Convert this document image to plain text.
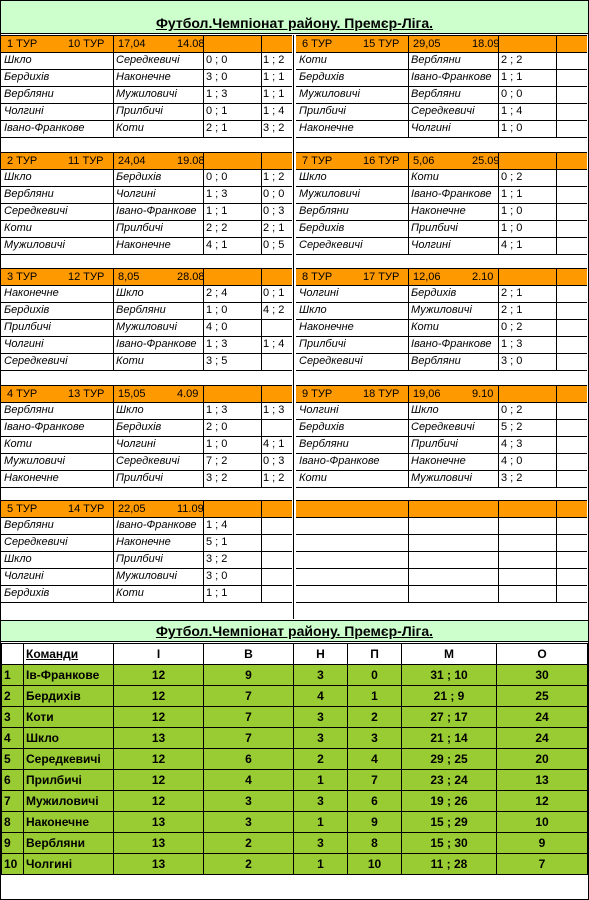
Футбол.Чемпіонат району. Премєр-Ліга.
1 ТУР	10 ТУР 17,04	14.08
Шкло	Середкевичі 0 ; 0	1 ; 2
Бердихів	Наконечне	3 ; 0	1 ; 1
Вербляни	Мужиловичі	1 ; 3	1 ; 1
Чолгині	Прилбичі	0 ; 1	1 ; 4
Івано-Франкове	Коти	2 ; 1	3 ; 2
6 ТУР	15 ТУР 29,05	18.09
Коти	Вербляни	2 ; 2
Бердихів	Івано-Франкове 1 ; 1
Мужиловичі	Вербляни	0 ; 0
Прилбичі	Середкевичі 1 ; 4
Наконечне	Чолгині	1 ; 0
2 ТУР	11 ТУР 24,04	19.08
Шкло	Бердихів	0 ; 0	1 ; 2
Вербляни	Чолгині	1 ; 3	0 ; 0
Середкевичі	Івано-Франкове 1 ; 1	0 ; 3
Коти	Прилбичі	2 ; 2	2 ; 1
Мужиловичі	Наконечне	4 ; 1	0 ; 5
7 ТУР	16 ТУР 5,06	25.09
Шкло	Коти	0 ; 2
Мужиловичі	Івано-Франкове 1 ; 1
Вербляни	Наконечне	1 ; 0
Бердихів	Прилбичі	1 ; 0
Середкевичі	Чолгині	4 ; 1
3 ТУР	12 ТУР 8,05	28.08
Наконечне	Шкло	2 ; 4	0 ; 1
Бердихів	Вербляни	1 ; 0	4 ; 2
Прилбичі	Мужиловичі	4 ; 0
Чолгині	Івано-Франкове 1 ; 3	1 ; 4
Середкевичі	Коти	3 ; 5
8 ТУР	17 ТУР 12,06	2.10
Чолгині	Бердихів	2 ; 1
Шкло	Мужиловичі	2 ; 1
Наконечне	Коти	0 ; 2
Прилбичі	Івано-Франкове 1 ; 3
Середкевичі	Вербляни	3 ; 0
4 ТУР	13 ТУР 15,05	4.09
Вербляни	Шкло	1 ; 3	1 ; 3
Івано-Франкове	Бердихів	2 ; 0
Коти	Чолгині	1 ; 0	4 ; 1
Мужиловичі	Середкевичі 7 ; 2	0 ; 3
Наконечне	Прилбичі	3 ; 2	1 ; 2
9 ТУР	18 ТУР 19,06	9.10
Чолгині	Шкло	0 ; 2
Бердихів	Середкевичі 5 ; 2
Вербляни	Прилбичі	4 ; 3
Івано-Франкове	Наконечне	4 ; 0
Коти	Мужиловичі	3 ; 2
5 ТУР	14 ТУР 22,05	11.09
Вербляни	Івано-Франкове 1 ; 4
Середкевичі	Наконечне	5 ; 1
Шкло	Прилбичі	3 ; 2
Чолгині	Мужиловичі	3 ; 0
Бердихів	Коти	1 ; 1
Футбол.Чемпіонат району. Премєр-Ліга.
	Команди	І	В	Н	П	М	О
1	Ів-Франкове	12	9	3	0	31 ; 10	30
2	Бердихів	12	7	4	1	21 ; 9	25
3	Коти	12	7	3	2	27 ; 17	24
4	Шкло	13	7	3	3	21 ; 14	24
5	Середкевичі	12	6	2	4	29 ; 25	20
6	Прилбичі	12	4	1	7	23 ; 24	13
7	Мужиловичі	12	3	3	6	19 ; 26	12
8	Наконечне	13	3	1	9	15 ; 29	10
9	Вербляни	13	2	3	8	15 ; 30	9
10	Чолгині	13	2	1	10	11 ; 28	7
